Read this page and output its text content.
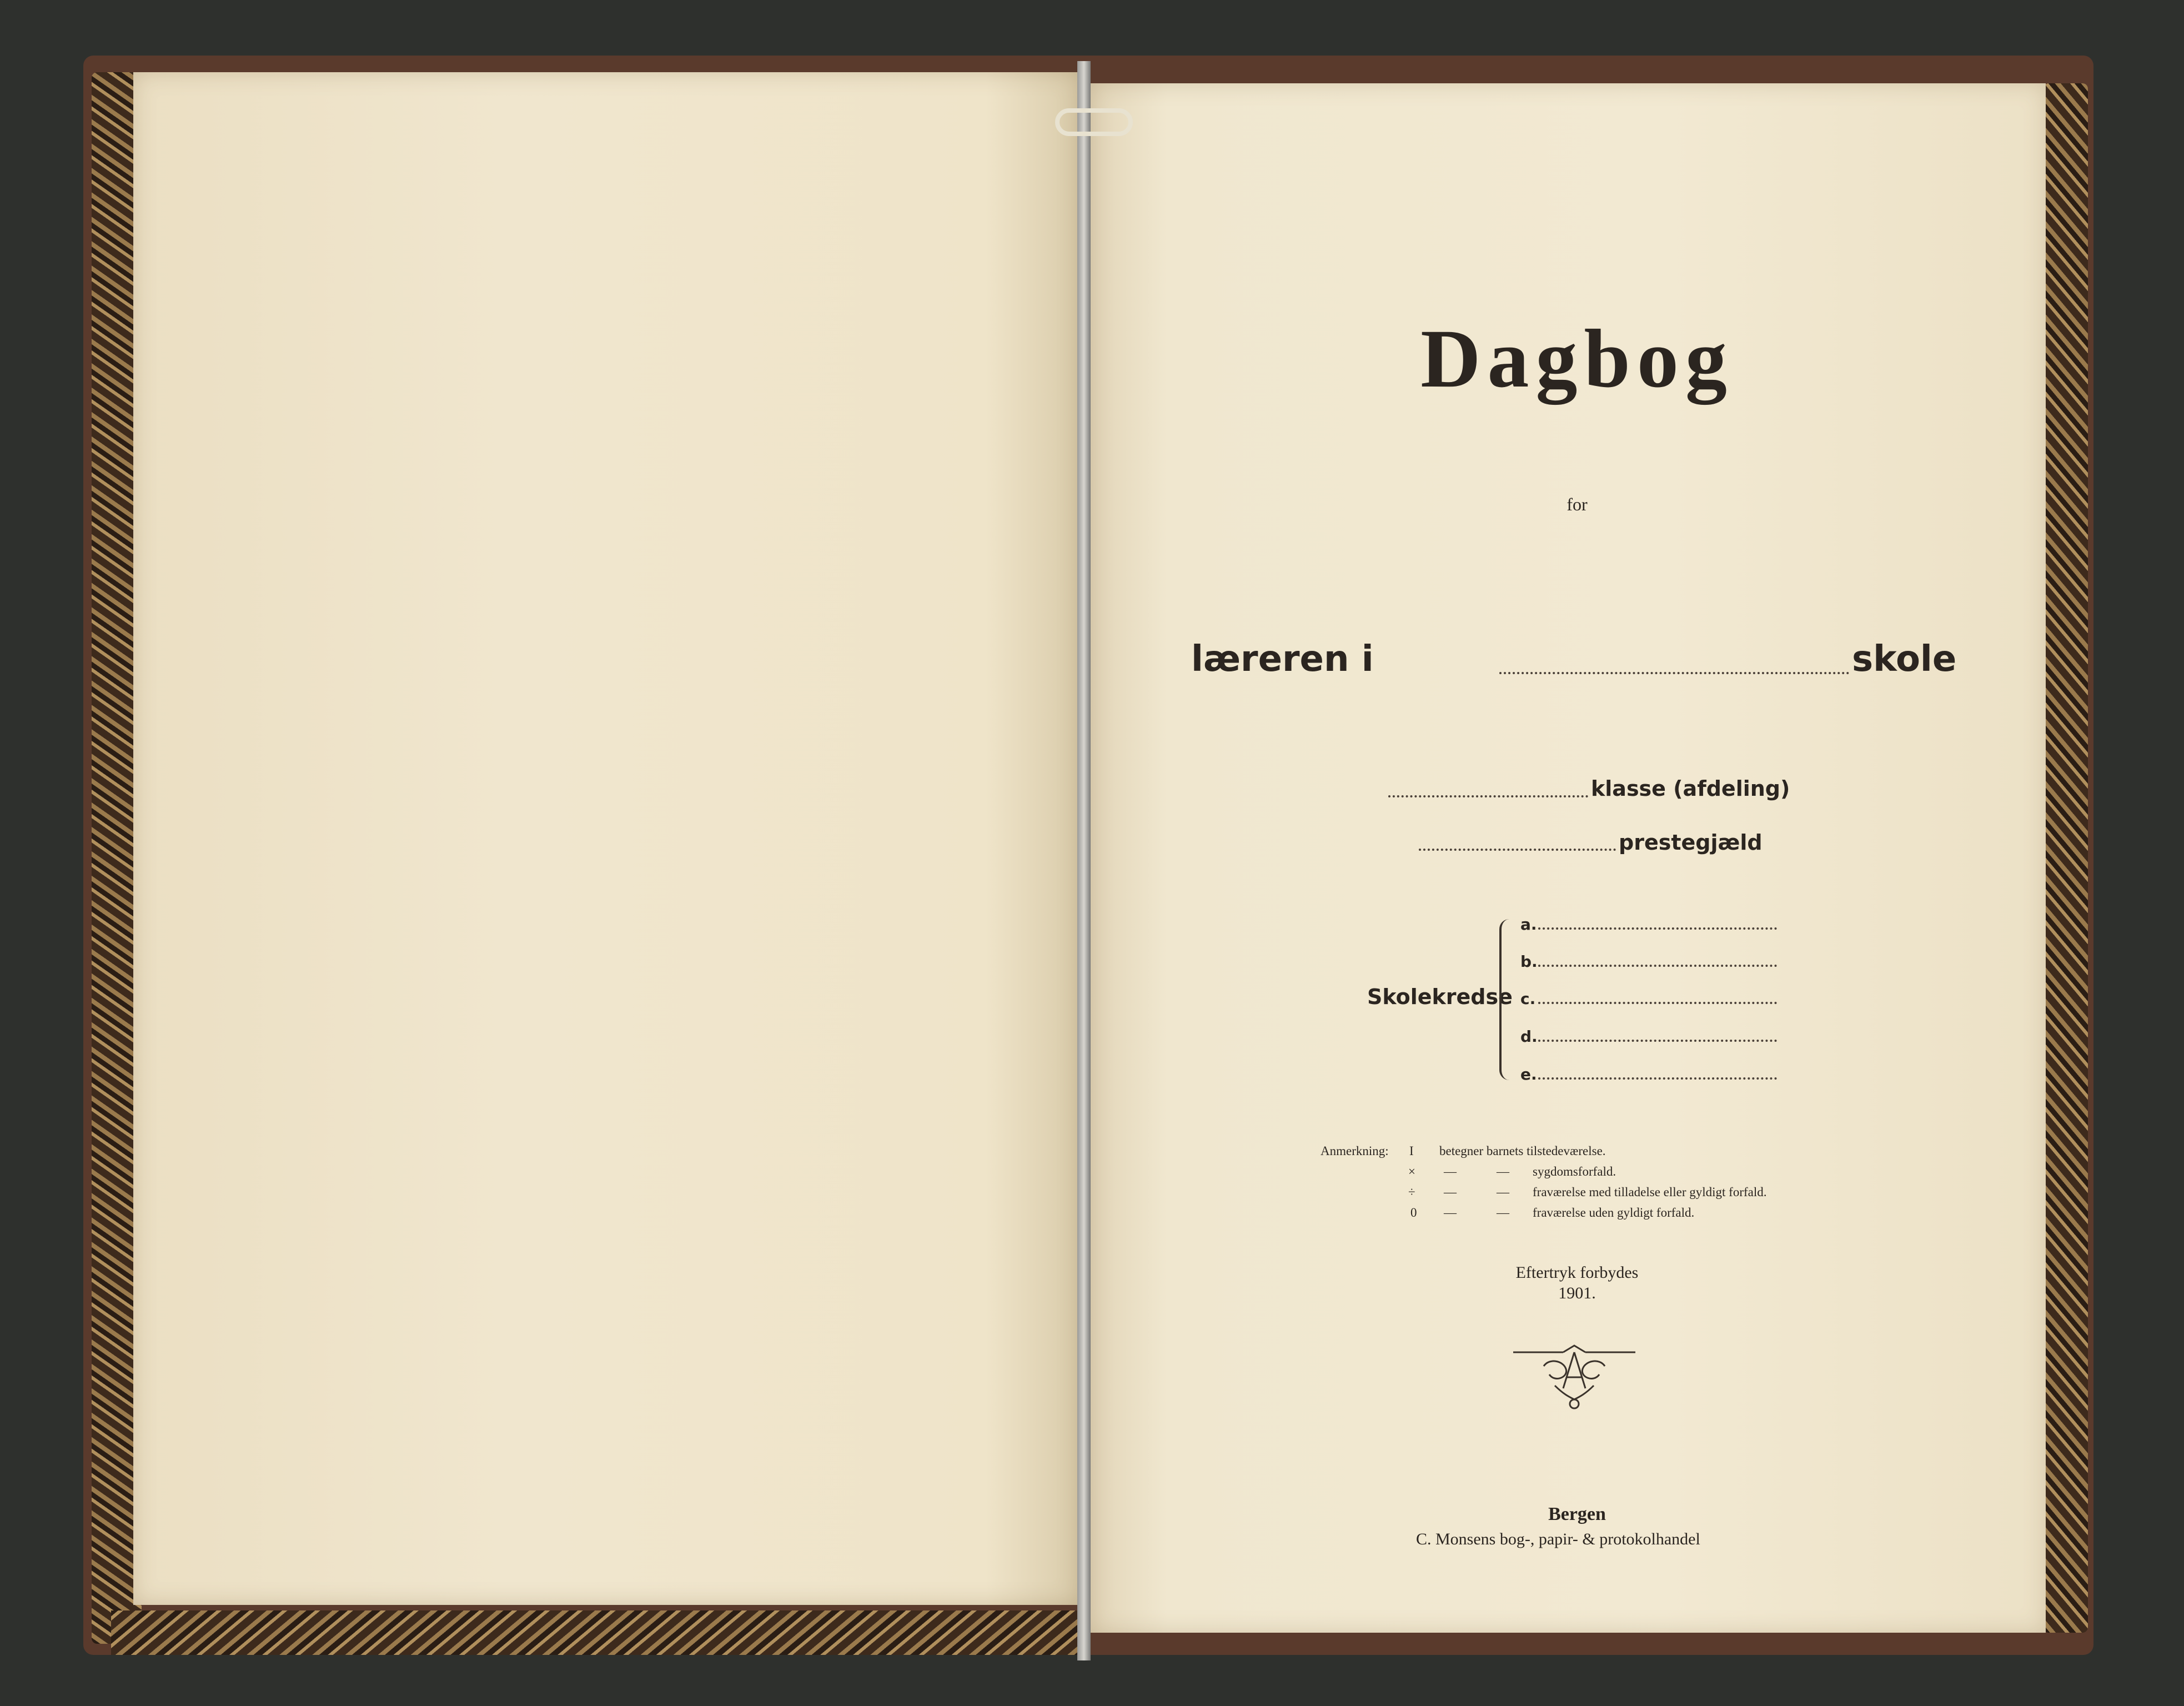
Dagbog
for
læreren i	skole
klasse (afdeling)
prestegjæld
Skolekredse
a.
b.
c.
d.
e.
Anmerkning: I betegner barnets tilstedeværelse.
× —	— sygdomsforfald.
÷ —	— fraværelse med tilladelse eller gyldigt forfald.
0 —	— fraværelse uden gyldigt forfald.
Eftertryk forbydes
1901.
Bergen
C. Monsens bog-, papir- & protokolhandel
